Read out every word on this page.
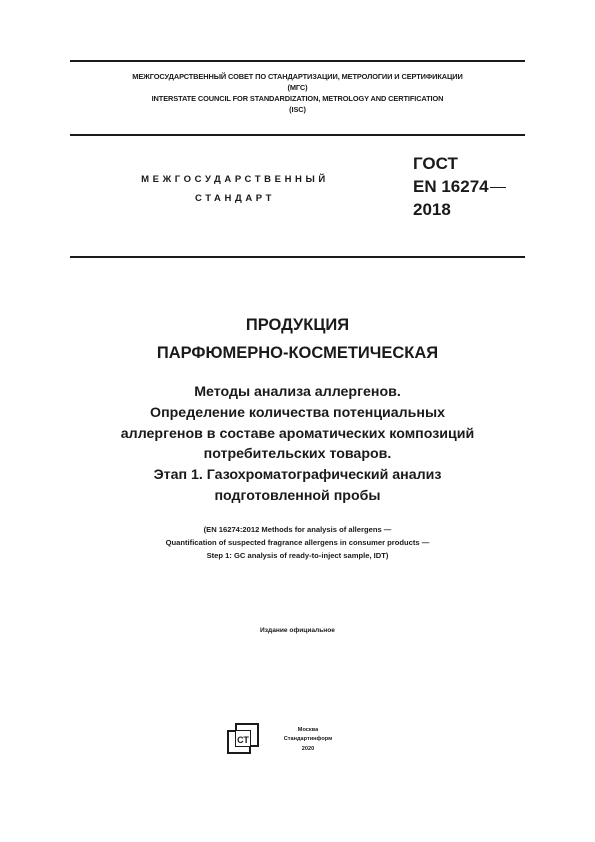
МЕЖГОСУДАРСТВЕННЫЙ СОВЕТ ПО СТАНДАРТИЗАЦИИ, МЕТРОЛОГИИ И СЕРТИФИКАЦИИ
(МГС)
INTERSTATE COUNCIL FOR STANDARDIZATION, METROLOGY AND CERTIFICATION
(ISC)
МЕЖГОСУДАРСТВЕННЫЙ
СТАНДАРТ
ГОСТ
EN 16274
2018
ПРОДУКЦИЯ
ПАРФЮМЕРНО-КОСМЕТИЧЕСКАЯ
Методы анализа аллергенов.
Определение количества потенциальных
аллергенов в составе ароматических композиций
потребительских товаров.
Этап 1. Газохроматографический анализ
подготовленной пробы
(EN 16274:2012 Methods for analysis of allergens —
Quantification of suspected fragrance allergens in consumer products —
Step 1: GC analysis of ready-to-inject sample, IDT)
Издание официальное
СТ
Москва
Стандартинформ
2020
